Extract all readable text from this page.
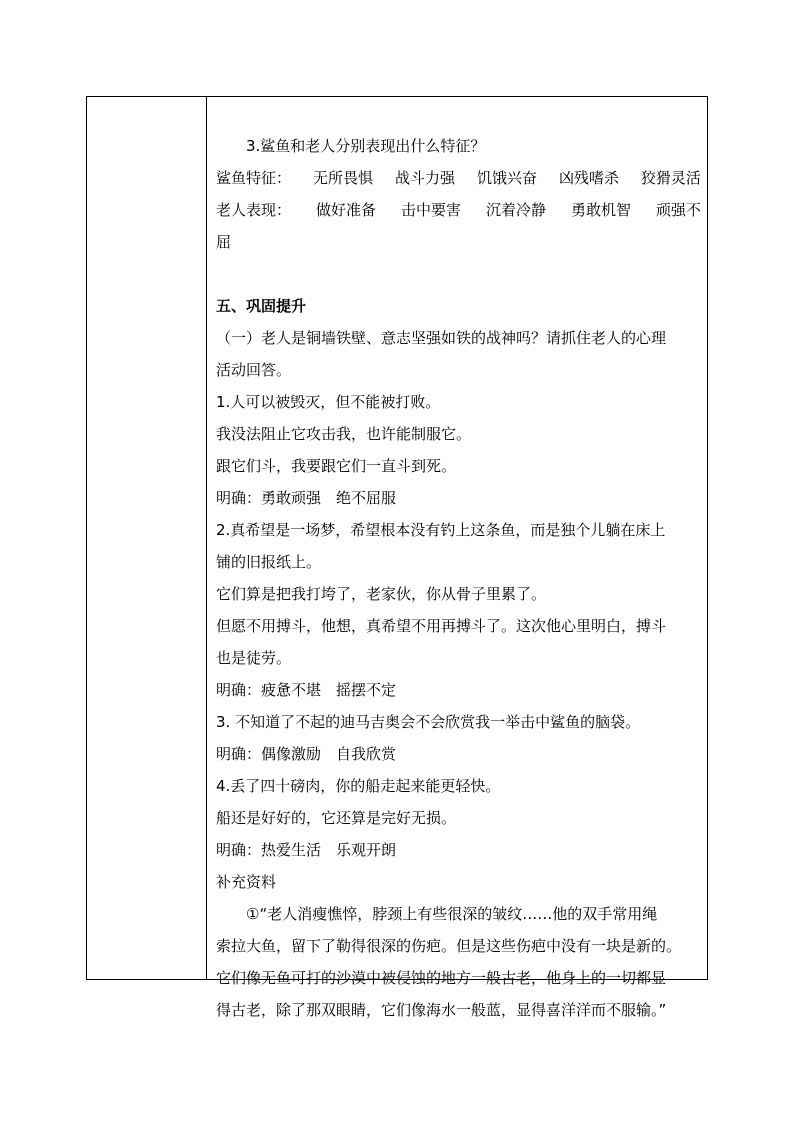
3.鲨鱼和老人分别表现出什么特征？
鲨鱼特征： 无所畏惧 战斗力强 饥饿兴奋 凶残嗜杀 狡猾灵活
老人表现： 做好准备 击中要害 沉着冷静 勇敢机智 顽强不
屈
五、巩固提升
（一）老人是铜墙铁壁、意志坚强如铁的战神吗？请抓住老人的心理
活动回答。
1.人可以被毁灭，但不能被打败。
我没法阻止它攻击我，也许能制服它。
跟它们斗，我要跟它们一直斗到死。
明确：勇敢顽强　绝不屈服
2.真希望是一场梦，希望根本没有钓上这条鱼，而是独个儿躺在床上
铺的旧报纸上。
它们算是把我打垮了，老家伙，你从骨子里累了。
但愿不用搏斗，他想，真希望不用再搏斗了。这次他心里明白，搏斗
也是徒劳。
明确：疲惫不堪　摇摆不定
3. 不知道了不起的迪马吉奥会不会欣赏我一举击中鲨鱼的脑袋。
明确：偶像激励　自我欣赏
4.丢了四十磅肉，你的船走起来能更轻快。
船还是好好的，它还算是完好无损。
明确：热爱生活　乐观开朗
补充资料
①“老人消瘦憔悴，脖颈上有些很深的皱纹……他的双手常用绳
索拉大鱼，留下了勒得很深的伤疤。但是这些伤疤中没有一块是新的。
它们像无鱼可打的沙漠中被侵蚀的地方一般古老，他身上的一切都显
得古老，除了那双眼睛，它们像海水一般蓝，显得喜洋洋而不服输。”
